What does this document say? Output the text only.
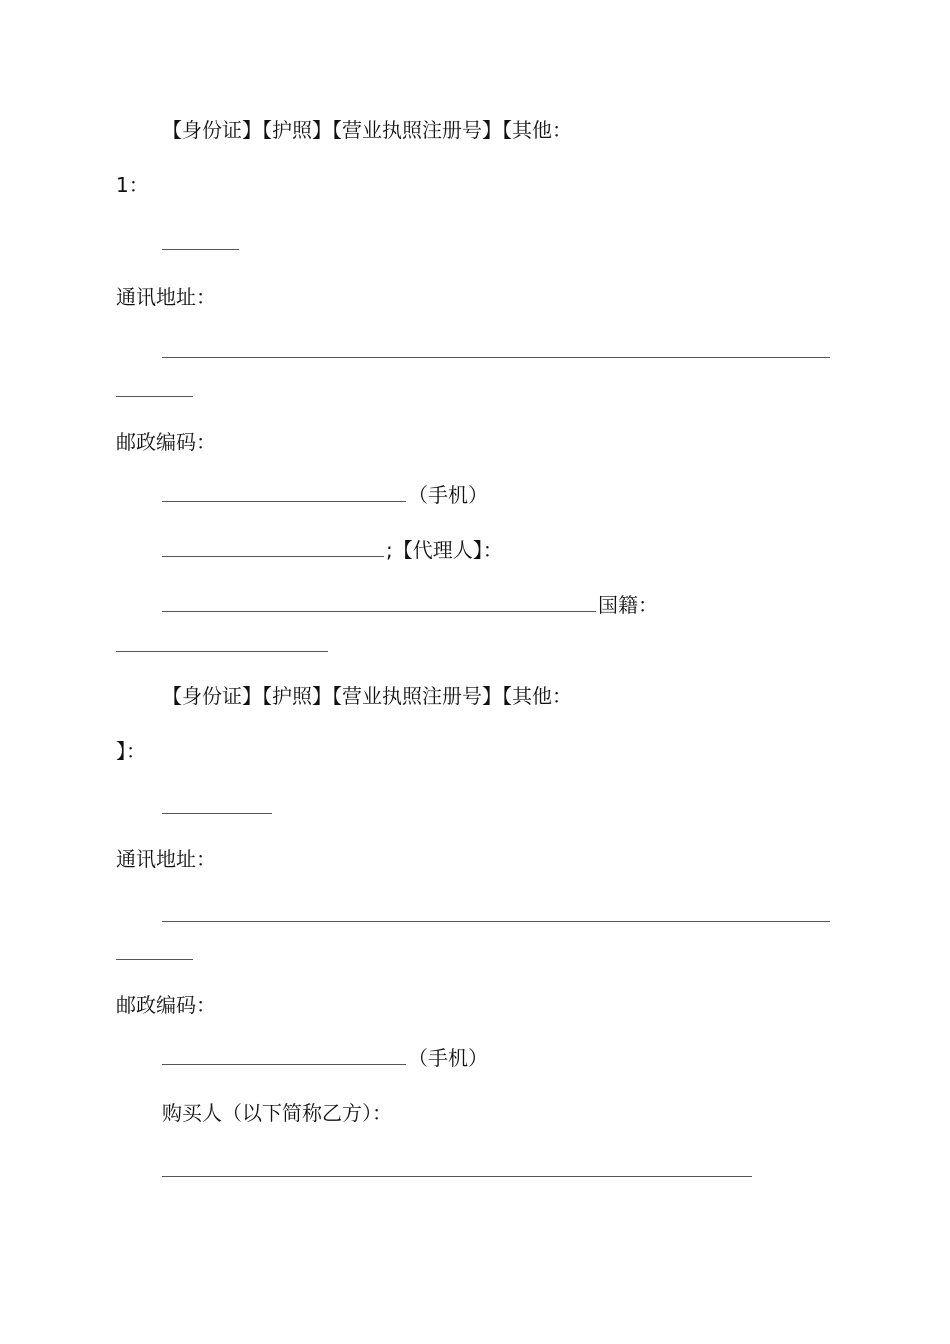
【身份证】【护照】【营业执照注册号】【其他：
1：
通讯地址：
邮政编码：
（手机）
;【代理人】：
国籍：
【身份证】【护照】【营业执照注册号】【其他：
】：
通讯地址：
邮政编码：
（手机）
购买人（以下简称乙方）：
